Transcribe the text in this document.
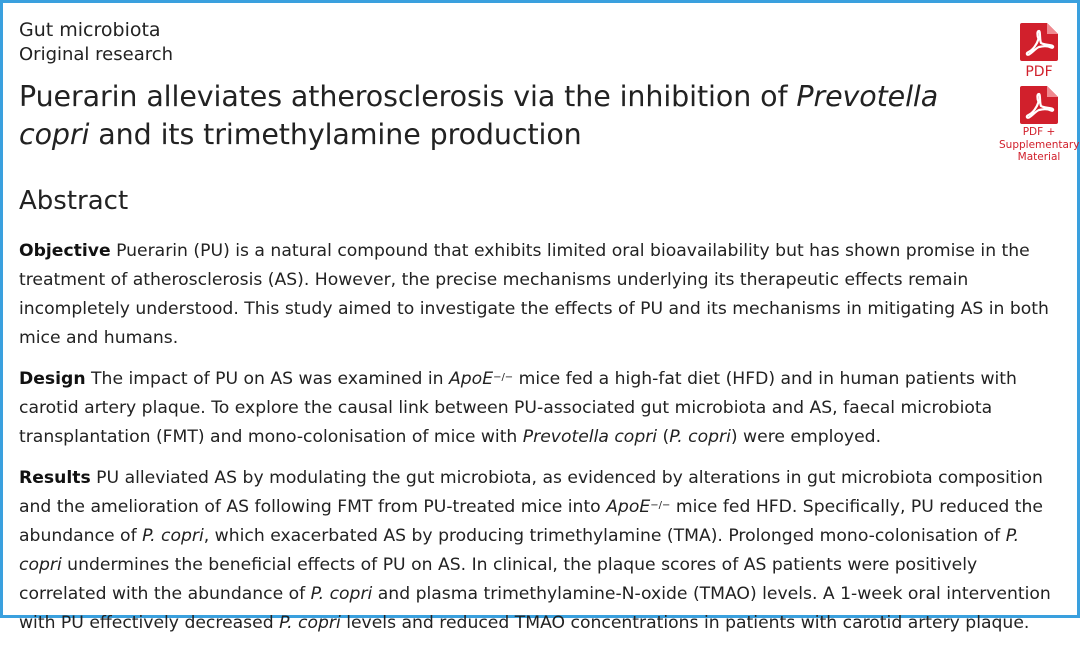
Gut microbiota
Original research
Puerarin alleviates atherosclerosis via the inhibition of Prevotella copri and its trimethylamine production
Abstract
PDF
PDF +
Supplementary
Material

Objective Puerarin (PU) is a natural compound that exhibits limited oral bioavailability but has shown promise in the treatment of atherosclerosis (AS). However, the precise mechanisms underlying its therapeutic effects remain incompletely understood. This study aimed to investigate the effects of PU and its mechanisms in mitigating AS in both mice and humans.

Design The impact of PU on AS was examined in ApoE−/− mice fed a high-fat diet (HFD) and in human patients with carotid artery plaque. To explore the causal link between PU-associated gut microbiota and AS, faecal microbiota transplantation (FMT) and mono-colonisation of mice with Prevotella copri (P. copri) were employed.

Results PU alleviated AS by modulating the gut microbiota, as evidenced by alterations in gut microbiota composition and the amelioration of AS following FMT from PU-treated mice into ApoE−/− mice fed HFD. Specifically, PU reduced the abundance of P. copri, which exacerbated AS by producing trimethylamine (TMA). Prolonged mono-colonisation of P. copri undermines the beneficial effects of PU on AS. In clinical, the plaque scores of AS patients were positively correlated with the abundance of P. copri and plasma trimethylamine-N-oxide (TMAO) levels. A 1-week oral intervention with PU effectively decreased P. copri levels and reduced TMAO concentrations in patients with carotid artery plaque.
